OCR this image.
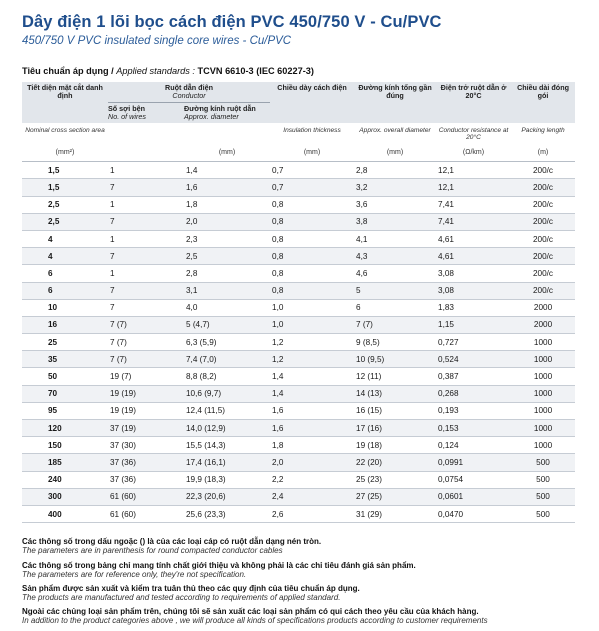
Dây điện 1 lõi bọc cách điện PVC 450/750 V - Cu/PVC

450/750 V PVC insulated single core wires - Cu/PVC

Tiêu chuẩn áp dụng / Applied standards : TCVN 6610-3 (IEC 60227-3)

Tiết diện mặt cắt danh định	Ruột dẫn điện
Conductor		Chiều dày cách điện	Đường kính tổng gần đúng	Điện trở ruột dẫn ở 20°C	Chiều dài đóng gói
	Số sợi bện
No. of wires	Đường kính ruột dẫn
Approx. diameter				
Nominal cross section area			Insulation thickness	Approx. overall diameter	Conductor resistance at 20°C	Packing length
(mm²)		(mm)	(mm)	(mm)	(Ω/km)	(m)
1,5	1	1,4	0,7	2,8	12,1	200/c
1,5	7	1,6	0,7	3,2	12,1	200/c
2,5	1	1,8	0,8	3,6	7,41	200/c
2,5	7	2,0	0,8	3,8	7,41	200/c
4	1	2,3	0,8	4,1	4,61	200/c
4	7	2,5	0,8	4,3	4,61	200/c
6	1	2,8	0,8	4,6	3,08	200/c
6	7	3,1	0,8	5	3,08	200/c
10	7	4,0	1,0	6	1,83	2000
16	7 (7)	5 (4,7)	1,0	7 (7)	1,15	2000
25	7 (7)	6,3 (5,9)	1,2	9 (8,5)	0,727	1000
35	7 (7)	7,4 (7,0)	1,2	10 (9,5)	0,524	1000
50	19 (7)	8,8 (8,2)	1,4	12 (11)	0,387	1000
70	19 (19)	10,6 (9,7)	1,4	14 (13)	0,268	1000
95	19 (19)	12,4 (11,5)	1,6	16 (15)	0,193	1000
120	37 (19)	14,0 (12,9)	1,6	17 (16)	0,153	1000
150	37 (30)	15,5 (14,3)	1,8	19 (18)	0,124	1000
185	37 (36)	17,4 (16,1)	2,0	22 (20)	0,0991	500
240	37 (36)	19,9 (18,3)	2,2	25 (23)	0,0754	500
300	61 (60)	22,3 (20,6)	2,4	27 (25)	0,0601	500
400	61 (60)	25,6 (23,3)	2,6	31 (29)	0,0470	500
Các thông số trong dấu ngoặc () là của các loại cáp có ruột dẫn dạng nén tròn.
The parameters are in parenthesis for round compacted conductor cables
Các thông số trong bảng chỉ mang tính chất giới thiệu và không phải là các chỉ tiêu đánh giá sản phẩm.
The parameters are for reference only, they're not specification.
Sản phẩm được sản xuất và kiểm tra tuân thủ theo các quy định của tiêu chuẩn áp dụng.
The products are manufactured and tested according to requirements of applied standard.
Ngoài các chủng loại sản phẩm trên, chúng tôi sẽ sản xuất các loại sản phẩm có qui cách theo yêu cầu của khách hàng.
In addition to the product categories above , we will produce all kinds of specifications products according to customer requirements
